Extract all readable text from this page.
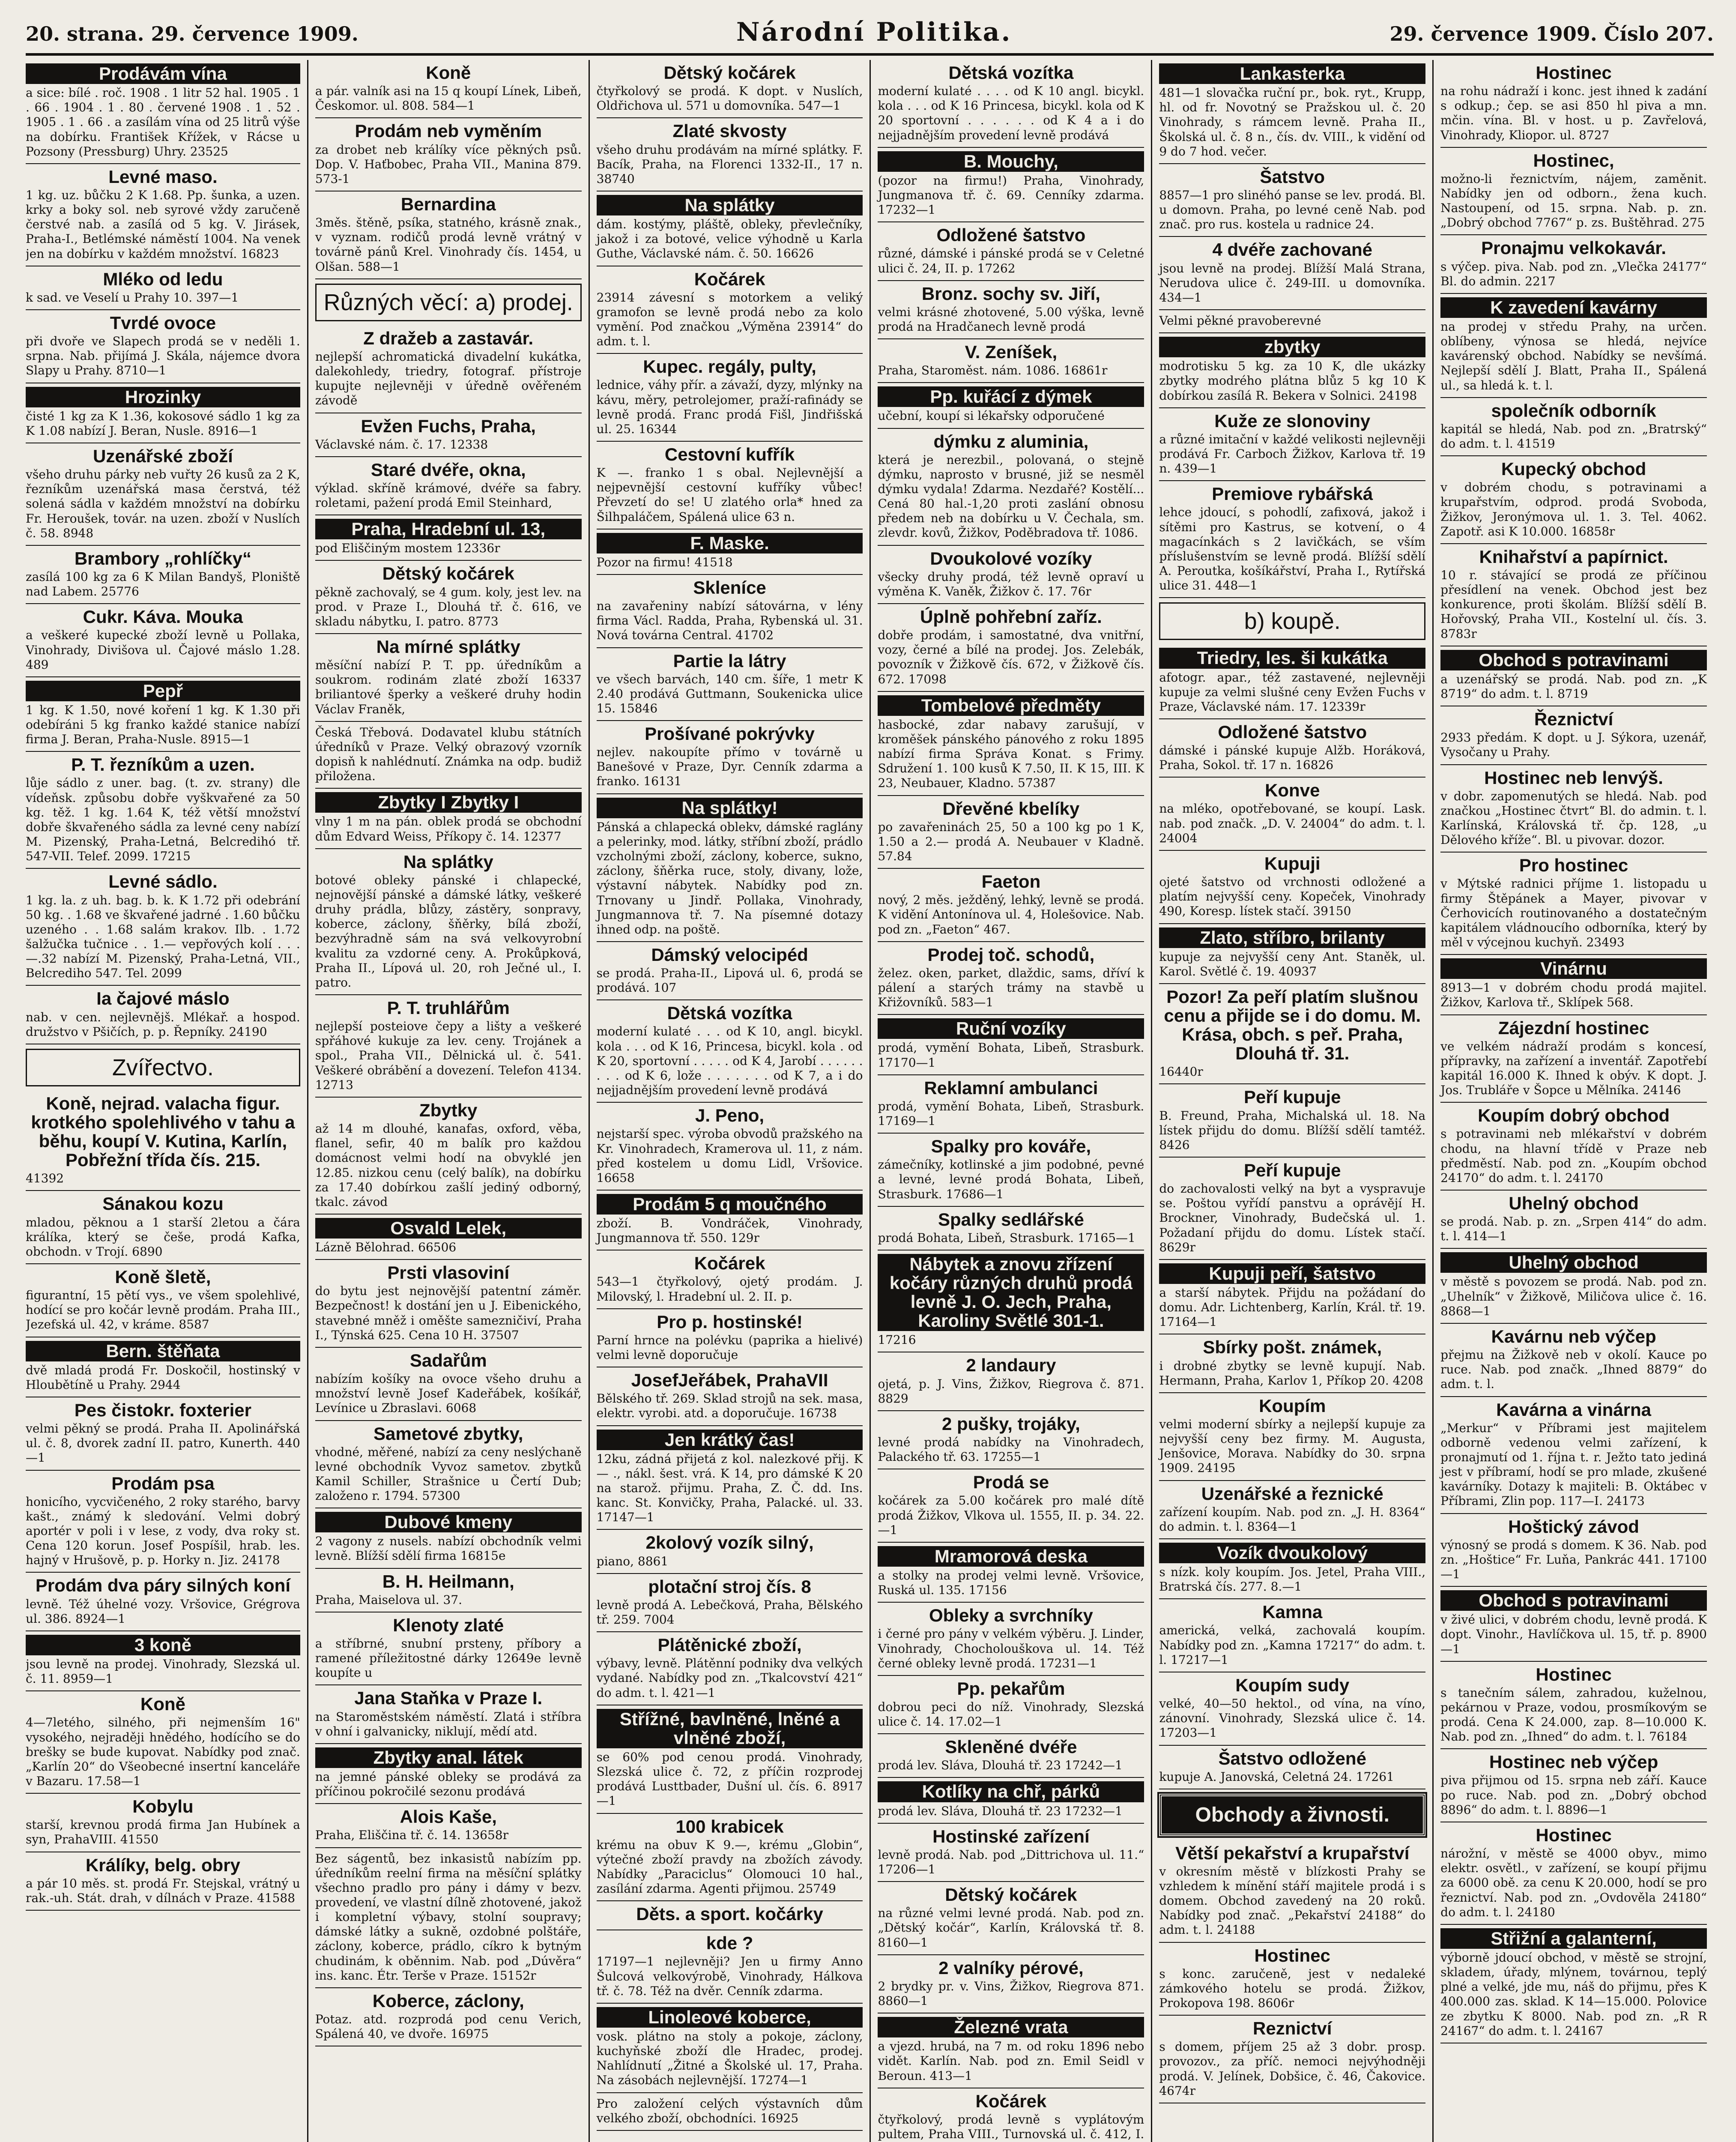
20. strana. 29. července 1909.	Národní Politika.	29. července 1909. Číslo 207.
Prodávám vína

a sice: bílé . roč. 1908 . 1 litr 52 hal. 1905 . 1 . 66 . 1904 . 1 . 80 . červené 1908 . 1 . 52 . 1905 . 1 . 66 . a zasílám vína od 25 litrů výše na dobírku. František Křížek, v Rácse u Pozsony (Pressburg) Uhry. 23525

Levné maso.

1 kg. uz. bůčku 2 K 1.68. Pp. šunka, a uzen. krky a boky sol. neb syrové vždy zaručeně čerstvé nab. a zasílá od 5 kg. V. Jirásek, Praha-I., Betlémské náměstí 1004. Na venek jen na dobírku v každém množství. 16823

Mléko od ledu

k sad. ve Veselí u Prahy 10. 397—1

Tvrdé ovoce

při dvoře ve Slapech prodá se v neděli 1. srpna. Nab. přijímá J. Skála, nájemce dvora Slapy u Prahy. 8710—1

Hrozinky

čisté 1 kg za K 1.36, kokosové sádlo 1 kg za K 1.08 nabízí J. Beran, Nusle. 8916—1

Uzenářské zboží

všeho druhu párky neb vuřty 26 kusů za 2 K, řezníkům uzenářská masa čerstvá, též solená sádla v každém množství na dobírku Fr. Heroušek, továr. na uzen. zboží v Nuslích č. 58. 8948

Brambory „rohlíčky“

zasílá 100 kg za 6 K Milan Bandyš, Ploniště nad Labem. 25776

Cukr. Káva. Mouka

a veškeré kupecké zboží levně u Pollaka, Vinohrady, Divišova ul. Čajové máslo 1.28. 489

Pepř

1 kg. K 1.50, nové koření 1 kg. K 1.30 při odebíráni 5 kg franko každé stanice nabízí firma J. Beran, Praha-Nusle. 8915—1

P. T. řezníkům a uzen.

lůje sádlo z uner. bag. (t. zv. strany) dle vídeňsk. způsobu dobře vyškvařené za 50 kg. těž. 1 kg. 1.64 K, též větší množství dobře škvařeného sádla za levné ceny nabízí M. Pizenský, Praha-Letná, Belcredihó tř. 547-VII. Telef. 2099. 17215

Levné sádlo.

1 kg. la. z uh. bag. b. k. K 1.72 při odebrání 50 kg. . 1.68 ve škvařené jadrné . 1.60 bůčku uzeného . . 1.68 salám krakov. Ilb. . 1.72 šalžučka tučnice . . 1.— vepřových kolí . . . —.32 nabízí M. Pizenský, Praha-Letná, VII., Belcrediho 547. Tel. 2099

Ia čajové máslo

nab. v cen. nejlevnějš. Mlékař. a hospod. družstvo v Pšičích, p. p. Řepníky. 24190

Zvířectvo.
Koně, nejrad. valacha figur. krotkého spolehlivého v tahu a běhu, koupí V. Kutina, Karlín, Pobřežní třída čís. 215.

41392

Sánakou kozu

mladou, pěknou a 1 starší 2letou a čára králíka, který se češe, prodá Kafka, obchodn. v Trojí. 6890

Koně šletě,

figurantní, 15 pětí vys., ve všem spolehlivé, hodící se pro kočár levně prodám. Praha III., Jezefská ul. 42, v kráme. 8587

Bern. štěňata

dvě mladá prodá Fr. Doskočil, hostinský v Hloubětíně u Prahy. 2944

Pes čistokr. foxterier

velmi pěkný se prodá. Praha II. Apolinářská ul. č. 8, dvorek zadní II. patro, Kunerth. 440—1

Prodám psa

honicího, vycvičeného, 2 roky starého, barvy kašt., známý k sledování. Velmi dobrý aportér v poli i v lese, z vody, dva roky st. Cena 120 korun. Josef Pospíšil, hrab. les. hajný v Hrušově, p. p. Horky n. Jiz. 24178

Prodám dva páry silných koní

levně. Též úhelné vozy. Vršovice, Grégrova ul. 386. 8924—1

3 koně

jsou levně na prodej. Vinohrady, Slezská ul. č. 11. 8959—1

Koně

4—7letého, silného, při nejmenším 16" vysokého, nejraději hnědého, hodícího se do brešky se bude kupovat. Nabídky pod znač. „Karlín 20“ do Všeobecné insertní kanceláře v Bazaru. 17.58—1

Kobylu

starší, krevnou prodá firma Jan Hubínek a syn, PrahaVIII. 41550

Králíky, belg. obry

a pár 10 měs. st. prodá Fr. Stejskal, vrátný u rak.-uh. Stát. drah, v dílnách v Praze. 41588

Koně

a pár. valník asi na 15 q koupí Línek, Libeň, Českomor. ul. 808. 584—1

Prodám neb vyměním

za drobet neb králíky více pěkných psů. Dop. V. Haťbobec, Praha VII., Manina 879. 573-1

Bernardina

3měs. štěně, psíka, statného, krásně znak., v vyznam. rodičů prodá levně vrátný v továrně pánů Krel. Vinohrady čís. 1454, u Olšan. 588—1

Různých věcí: a) prodej.
Z dražeb a zastavár.

nejlepší achromatická divadelní kukátka, dalekohledy, triedry, fotograf. přístroje kupujte nejlevněji v úředně ověřeném závodě

Evžen Fuchs, Praha,

Václavské nám. č. 17. 12338

Staré dvéře, okna,

výklad. skříně krámové, dvéře sa fabry. roletami, pažení prodá Emil Steinhard,

Praha, Hradební ul. 13,

pod Eliščiným mostem 12336r

Dětský kočárek

pěkně zachovalý, se 4 gum. koly, jest lev. na prod. v Praze I., Dlouhá tř. č. 616, ve skladu nábytku, I. patro. 8773

Na mírné splátky

měsíční nabízí P. T. pp. úředníkům a soukrom. rodinám zlaté zboží 16337 briliantové šperky a veškeré druhy hodin Václav Franěk,

Česká Třebová. Dodavatel klubu státních úředníků v Praze. Velký obrazový vzorník dopisň k nahlédnutí. Známka na odp. budiž přiložena.

Zbytky I Zbytky I

vlny 1 m na pán. oblek prodá se obchodní dům Edvard Weiss, Příkopy č. 14. 12377

Na splátky

botové obleky pánské i chlapecké, nejnovější pánské a dámské látky, veškeré druhy prádla, blůzy, zástěry, sonpravy, koberce, záclony, šňěrky, bílá zboží, bezvýhradně sám na svá velkovyrobní kvalitu za vzdorné ceny. A. Prokůpková, Praha II., Lípová ul. 20, roh Ječné ul., I. patro.

P. T. truhlářům

nejlepší posteiove čepy a lišty a veškeré spřáhové kukuje za lev. ceny. Trojánek a spol., Praha VII., Dělnická ul. č. 541. Veškeré obrábění a dovezení. Telefon 4134. 12713

Zbytky

až 14 m dlouhé, kanafas, oxford, věba, flanel, sefir, 40 m balík pro každou domácnost velmi hodí na obvyklé jen 12.85. nizkou cenu (celý balík), na dobírku za 17.40 dobírkou zašlí jediný odborný, tkalc. závod

Osvald Lelek,

Lázně Bělohrad. 66506

Prsti vlasoviní

do bytu jest nejnovější patentní záměr. Bezpečnost! k dostání jen u J. Eibenického, stavebné mněž i oměšte samezničiví, Praha I., Týnská 625. Cena 10 H. 37507

Sadařům

nabízím košíky na ovoce všeho druhu a množství levně Josef Kadeřábek, košíkář, Levínice u Zbraslavi. 6068

Sametové zbytky,

vhodné, měřené, nabízí za ceny neslýchaně levné obchodník Vyvoz sametov. zbytků Kamil Schiller, Strašnice u Čertí Dub; založeno r. 1794. 57300

Dubové kmeny

2 vagony z nusels. nabízí obchodník velmi levně. Blížší sdělí firma 16815e

B. H. Heilmann,

Praha, Maiselova ul. 37.

Klenoty zlaté

a stříbrné, snubní prsteny, příbory a ramené příležitostné dárky 12649e levně koupíte u

Jana Staňka v Praze I.

na Staroměstském náměstí. Zlatá i stříbra v ohní i galvanicky, niklují, mědí atd.

Zbytky anal. látek

na jemné pánské obleky se prodává za příčinou pokročilé sezonu prodává

Alois Kaše,

Praha, Eliščina tř. č. 14. 13658r

Bez ságentů, bez inkasistů nabízím pp. úředníkům reelní firma na měsíční splátky všechno pradlo pro pány i dámy v bezv. provedení, ve vlastní dílně zhotovené, jakož i kompletní výbavy, stolní soupravy; dámské látky a sukně, ozdobné polštáře, záclony, koberce, prádlo, cíkro k bytným chudinám, k oběnnim. Nab. pod „Dúvěra“ ins. kanc. Étr. Terše v Praze. 15152r

Koberce, záclony,

Potaz. atd. rozprodá pod cenu Verich, Spálená 40, ve dvoře. 16975

Dětský kočárek

čtyřkolový se prodá. K dopt. v Nuslích, Oldřichova ul. 571 u domovníka. 547—1

Zlaté skvosty

všeho druhu prodávám na mírné splátky. F. Bacík, Praha, na Florenci 1332-II., 17 n. 38740

Na splátky

dám. kostýmy, pláště, obleky, převlečníky, jakož i za botové, velice výhodně u Karla Guthe, Václavské nám. č. 50. 16626

Kočárek

23914 závesní s motorkem a veliký gramofon se levně prodá nebo za kolo vymění. Pod značkou „Výměna 23914“ do adm. t. l.

Kupec. regály, pulty,

lednice, váhy přír. a závaží, dyzy, mlýnky na kávu, měry, petrolejomer, praží-rafinády se levně prodá. Franc prodá Fišl, Jindřišská ul. 25. 16344

Cestovní kufřík

K —. franko 1 s obal. Nejlevnější a nejpevnější cestovní kufříky vůbec! Převzetí do se! U zlatého orla* hned za Šilhpaláčem, Spálená ulice 63 n.

F. Maske.

Pozor na firmu! 41518

Skleníce

na zavařeniny nabízí sátovárna, v lény firma Václ. Radda, Praha, Rybenská ul. 31. Nová továrna Central. 41702

Partie la látry

ve všech barvách, 140 cm. šíře, 1 metr K 2.40 prodává Guttmann, Soukenicka ulice 15. 15846

Prošívané pokrývky

nejlev. nakoupíte přímo v továrně u Banešové v Praze, Dyr. Cenník zdarma a franko. 16131

Na splátky!

Pánská a chlapecká oblekv, dámské raglány a pelerinky, mod. látky, stříbní zboží, prádlo vzcholnými zboží, záclony, koberce, sukno, záclony, šňěrka ruce, stoly, divany, lože, výstavní nábytek. Nabídky pod zn. Trnovany u Jindř. Pollaka, Vinohrady, Jungmannova tř. 7. Na písemné dotazy ihned odp. na poště.

Dámský velocipéd

se prodá. Praha-II., Lipová ul. 6, prodá se prodává. 107

Dětská vozítka

moderní kulaté . . . od K 10, angl. bicykl. kola . . . od K 16, Princesa, bicykl. kola . od K 20, sportovní . . . . . od K 4, Jarobí . . . . . . . . . od K 6, lože . . . . . . . od K 7, a i do nejjadnějším provedení levně prodává

J. Peno,

nejstarší spec. výroba obvodů pražského na Kr. Vinohradech, Kramerova ul. 11, z nám. před kostelem u domu Lidl, Vršovice. 16658

Prodám 5 q moučného

zboží. B. Vondráček, Vinohrady, Jungmannova tř. 550. 129r

Kočárek

543—1 čtyřkolový, ojetý prodám. J. Milovský, l. Hradební ul. 2. II. p.

Pro p. hostinské!

Parní hrnce na polévku (paprika a hielivé) velmi levně doporučuje

JosefJeřábek, PrahaVII

Bělského tř. 269. Sklad strojů na sek. masa, elektr. vyrobi. atd. a doporučuje. 16738

Jen krátký čas!

12ku, zádná přijetá z kol. nalezkové přij. K — ., nákl. šest. vrá. K 14, pro dámské K 20 na starož. přijmu. Praha, Z. Č. dd. Ins. kanc. St. Konvičky, Praha, Palacké. ul. 33. 17147—1

2kolový vozík silný,

piano, 8861

plotační stroj čís. 8

levně prodá A. Lebečková, Praha, Bělského tř. 259. 7004

Plátěnické zboží,

výbavy, levně. Plátěnní podniky dva velkých vydané. Nabídky pod zn. „Tkalcovství 421“ do adm. t. l. 421—1

Střížné, bavlněné, lněné a vlněné zboží,

se 60% pod cenou prodá. Vinohrady, Slezská ulice č. 72, z příčin rozprodej prodává Lusttbader, Dušní ul. čís. 6. 8917—1

100 krabicek

krému na obuv K 9.—, krému „Globin“, výtečné zboží pravdy na zbožích závody. Nabídky „Paraciclus“ Olomouci 10 hal., zasílání zdarma. Agenti přijmou. 25749

Děts. a sport. kočárky
kde ?

17197—1 nejlevněji? Jen u firmy Anno Šulcová velkovýrobě, Vinohrady, Hálkova tř. č. 78. Též na dvěr. Cenník zdarma.

Linoleové koberce,

vosk. plátno na stoly a pokoje, záclony, kuchyňské zboží dle Hradec, prodej. Nahlídnutí „Žitné a Školské ul. 17, Praha. Na zásobách nejlevnější. 17274—1

Pro založení celých výstavních dům velkého zboží, obchodníci. 16925

Dětská vozítka

moderní kulaté . . . . od K 10 angl. bicykl. kola . . . od K 16 Princesa, bicykl. kola od K 20 sportovní . . . . . . od K 4 a i do nejjadnějším provedení levně prodává

B. Mouchy,

(pozor na firmu!) Praha, Vinohrady, Jungmanova tř. č. 69. Cenníky zdarma. 17232—1

Odložené šatstvo

různé, dámské i pánské prodá se v Celetné ulici č. 24, II. p. 17262

Bronz. sochy sv. Jiří,

velmi krásné zhotovené, 5.00 výška, levně prodá na Hradčanech levně prodá

V. Zeníšek,

Praha, Staroměst. nám. 1086. 16861r

Pp. kuřácí z dýmek

učební, koupí si lékařsky odporučené

dýmku z aluminia,

která je nerezbil., polovaná, o stejně dýmku, naprosto v brusné, již se nesměl dýmku vydala! Zdarma. Nezdařé? Kostělí... Cená 80 hal.-1,20 proti zaslání obnosu předem neb na dobírku u V. Čechala, sm. zlevdr. kovů, Žižkov, Poděbradova tř. 1086.

Dvoukolové vozíky

všecky druhy prodá, též levně opraví u výměna K. Vaněk, Žižkov č. 17. 76r

Úplně pohřební zaříz.

dobře prodám, i samostatné, dva vnitřní, vozy, černé a bílé na prodej. Jos. Zelebák, povozník v Žižkově čís. 672, v Žižkově čís. 672. 17098

Tombelové předměty

hasbocké, zdar nabavy zarušují, v kroměšek pánského pánového z roku 1895 nabízí firma Správa Konat. s Frimy. Sdružení 1. 100 kusů K 7.50, II. K 15, III. K 23, Neubauer, Kladno. 57387

Dřevěné kbelíky

po zavařeninách 25, 50 a 100 kg po 1 K, 1.50 a 2.— prodá A. Neubauer v Kladně. 57.84

Faeton

nový, 2 měs. ježděný, lehký, levně se prodá. K vidění Antonínova ul. 4, Holešovice. Nab. pod zn. „Faeton“ 467.

Prodej toč. schodů,

želez. oken, parket, dlaždic, sams, dříví k pálení a starých trámy na stavbě u Křižovníků. 583—1

Ruční vozíky

prodá, vymění Bohata, Libeň, Strasburk. 17170—1

Reklamní ambulanci

prodá, vymění Bohata, Libeň, Strasburk. 17169—1

Spalky pro kováře,

zámečníky, kotlinské a jim podobné, pevné a levné, levné prodá Bohata, Libeň, Strasburk. 17686—1

Spalky sedlářské

prodá Bohata, Libeň, Strasburk. 17165—1

Nábytek a znovu zřízení kočáry různých druhů prodá levně J. O. Jech, Praha, Karoliny Světlé 301-1.

17216

2 landaury

ojetá, p. J. Vins, Žižkov, Riegrova č. 871. 8829

2 pušky, trojáky,

levné prodá nabídky na Vinohradech, Palackého tř. 63. 17255—1

Prodá se

kočárek za 5.00 kočárek pro malé dítě prodá Žižkov, Vlkova ul. 1555, II. p. 34. 22.—1

Mramorová deska

a stolky na prodej velmi levně. Vršovice, Ruská ul. 135. 17156

Obleky a svrchníky

i černé pro pány v velkém výběru. J. Linder, Vinohrady, Chocholouškova ul. 14. Též černé obleky levně prodá. 17231—1

Pp. pekařům

dobrou peci do níž. Vinohrady, Slezská ulice č. 14. 17.02—1

Skleněné dvéře

prodá lev. Sláva, Dlouhá tř. 23 17242—1

Kotlíky na chř, párků

prodá lev. Sláva, Dlouhá tř. 23 17232—1

Hostinské zařízení

levně prodá. Nab. pod „Dittrichova ul. 11.“ 17206—1

Dětský kočárek

na různé velmi levné prodá. Nab. pod zn. „Dětský kočár“, Karlín, Královská tř. 8. 8160—1

2 valníky pérové,

2 brydky pr. v. Vins, Žižkov, Riegrova 871. 8860—1

Železné vrata

a vjezd. hrubá, na 7 m. od roku 1896 nebo vidět. Karlín. Nab. pod zn. Emil Seidl v Beroun. 413—1

Kočárek

čtyřkolový, prodá levně s vyplátovým pultem, Praha VIII., Turnovská ul. č. 412, I.

Lankasterka

481—1 slovačka ruční pr., bok. ryt., Krupp, hl. od fr. Novotný se Pražskou ul. č. 20 Vinohrady, s rámcem levně. Praha II., Školská ul. č. 8 n., čís. dv. VIII., k vidění od 9 do 7 hod. večer.

Šatstvo

8857—1 pro slinéhó panse se lev. prodá. Bl. u domovn. Praha, po levné ceně Nab. pod znač. pro rus. kostela u radnice 24.

4 dvéře zachované

jsou levně na prodej. Blížší Malá Strana, Nerudova ulice č. 249-III. u domovníka. 434—1

Velmi pěkné pravoberevné

zbytky

modrotisku 5 kg. za 10 K, dle ukázky zbytky modrého plátna blůz 5 kg 10 K dobírkou zasílá R. Bekera v Solnici. 24198

Kuže ze slonoviny

a různé imitační v každé velikosti nejlevněji prodává Fr. Carboch Žižkov, Karlova tř. 19 n. 439—1

Premiove rybářská

lehce jdoucí, s pohodlí, zafixová, jakož i sítěmi pro Kastrus, se kotvení, o 4 magacínkách s 2 lavičkách, se vším příslušenstvím se levně prodá. Blížší sdělí A. Peroutka, košíkářství, Praha I., Rytířská ulice 31. 448—1

b) koupě.
Triedry, les. ši kukátka

afotogr. apar., též zastavené, nejlevněji kupuje za velmi slušné ceny Evžen Fuchs v Praze, Václavské nám. 17. 12339r

Odložené šatstvo

dámské i pánské kupuje Alžb. Horáková, Praha, Sokol. tř. 17 n. 16826

Konve

na mléko, opotřebované, se koupí. Lask. nab. pod značk. „D. V. 24004“ do adm. t. l. 24004

Kupuji

ojeté šatstvo od vrchnosti odložené a platím nejvyšší ceny. Kopeček, Vinohrady 490, Koresp. lístek stačí. 39150

Zlato, stříbro, brilanty

kupuje za nejvyšší ceny Ant. Staněk, ul. Karol. Světlé č. 19. 40937

Pozor! Za peří platím slušnou cenu a přijde se i do domu. M. Krása, obch. s peř. Praha, Dlouhá tř. 31.

16440r

Peří kupuje

B. Freund, Praha, Michalská ul. 18. Na lístek přijdu do domu. Blížší sdělí tamtéž. 8426

Peří kupuje

do zachovalosti velký na byt a vyspravuje se. Poštou vyřídí panstvu a oprávějí H. Brockner, Vinohrady, Budečská ul. 1. Požadaní přijdu do domu. Lístek stačí. 8629r

Kupuji peří, šatstvo

a starší nábytek. Přijdu na požádaní do domu. Adr. Lichtenberg, Karlín, Král. tř. 19. 17164—1

Sbírky pošt. známek,

i drobné zbytky se levně kupují. Nab. Hermann, Praha, Karlov 1, Příkop 20. 4208

Koupím

velmi moderní sbírky a nejlepší kupuje za nejvyšší ceny bez firmy. M. Augusta, Jenšovice, Morava. Nabídky do 30. srpna 1909. 24195

Uzenářské a řeznické

zařízení koupím. Nab. pod zn. „J. H. 8364“ do admin. t. l. 8364—1

Vozík dvoukolový

s nízk. koly koupím. Jos. Jetel, Praha VIII., Bratrská čís. 277. 8.—1

Kamna

americká, velká, zachovalá koupím. Nabídky pod zn. „Kamna 17217“ do adm. t. l. 17217—1

Koupím sudy

velké, 40—50 hektol., od vína, na víno, zánovní. Vinohrady, Slezská ulice č. 14. 17203—1

Šatstvo odložené

kupuje A. Janovská, Celetná 24. 17261

Obchody a živnosti.
Větší pekařství a krupařství

v okresním městě v blízkosti Prahy se vzhledem k mínění stáří majitele prodá i s domem. Obchod zavedený na 20 roků. Nabídky pod znač. „Pekařství 24188“ do adm. t. l. 24188

Hostinec

s konc. zaručeně, jest v nedaleké zámkového hotelu se prodá. Žižkov, Prokopova 198. 8606r

Reznictví

s domem, příjem 25 až 3 dobr. prosp. provozov., za příč. nemoci nejvýhodněji prodá. V. Jelínek, Dobšice, č. 46, Čakovice. 4674r

Hostinec

na rohu nádraží i konc. jest ihned k zadání s odkup.; čep. se asi 850 hl piva a mn. mčin. vína. Bl. v host. u p. Zavřelová, Vinohrady, Kliopor. ul. 8727

Hostinec,

možno-li řeznictvím, nájem, zaměnit. Nabídky jen od odborn., žena kuch. Nastoupení, od 15. srpna. Nab. p. zn. „Dobrý obchod 7767“ p. zs. Buštěhrad. 275

Pronajmu velkokavár.

s výčep. piva. Nab. pod zn. „Vlečka 24177“ Bl. do admin. 2217

K zavedení kavárny

na prodej v středu Prahy, na určen. oblíbeny, výnosa se hledá, nejvíce kavárenský obchod. Nabídky se nevšímá. Nejlepší sdělí J. Blatt, Praha II., Spálená ul., sa hledá k. t. l.

společník odborník

kapitál se hledá, Nab. pod zn. „Bratrský“ do adm. t. l. 41519

Kupecký obchod

v dobrém chodu, s potravinami a krupařstvím, odprod. prodá Svoboda, Žižkov, Jeronýmova ul. 1. 3. Tel. 4062. Zapotř. asi K 10.000. 16858r

Knihařství a papírnict.

10 r. stávající se prodá ze příčinou přesídlení na venek. Obchod jest bez konkurence, proti školám. Blížší sdělí B. Hořovský, Praha VII., Kostelní ul. čís. 3. 8783r

Obchod s potravinami

a uzenářský se prodá. Nab. pod zn. „K 8719“ do adm. t. l. 8719

Řeznictví

2933 předám. K dopt. u J. Sýkora, uzenář, Vysočany u Prahy.

Hostinec neb lenvýš.

v dobr. zapomenutých se hledá. Nab. pod značkou „Hostinec čtvrt“ Bl. do admin. t. l. Karlínská, Královská tř. čp. 128, „u Dělového kříže“. Bl. u pivovar. dozor.

Pro hostinec

v Mýtské radnici příjme 1. listopadu u firmy Štěpánek a Mayer, pivovar v Čerhovicích routinovaného a dostatečným kapitálem vládnoucího odborníka, který by měl v výcejnou kuchyň. 23493

Vinárnu

8913—1 v dobrém chodu prodá majitel. Žižkov, Karlova tř., Sklípek 568.

Zájezdní hostinec

ve velkém nádraží prodám s koncesí, přípravky, na zařízení a inventář. Zapotřebí kapitál 16.000 K. Ihned k obýv. K dopt. J. Jos. Trubláře v Šopce u Mělníka. 24146

Koupím dobrý obchod

s potravinami neb mlékařství v dobrém chodu, na hlavní třídě v Praze neb předměstí. Nab. pod zn. „Koupím obchod 24170“ do adm. t. l. 24170

Uhelný obchod

se prodá. Nab. p. zn. „Srpen 414“ do adm. t. l. 414—1

Uhelný obchod

v městě s povozem se prodá. Nab. pod zn. „Uhelník“ v Žižkově, Miličova ulice č. 16. 8868—1

Kavárnu neb výčep

přejmu na Žižkově neb v okolí. Kauce po ruce. Nab. pod značk. „Ihned 8879“ do adm. t. l.

Kavárna a vinárna

„Merkur“ v Příbrami jest majitelem odborně vedenou velmi zařízení, k pronajmutí od 1. října t. r. Ježto tato jediná jest v příbramí, hodí se pro mlade, zkušené kavárníky. Dotazy k majiteli: B. Oktábec v Příbrami, Zlin pop. 117—I. 24173

Hoštický závod

výnosný se prodá s domem. K 36. Nab. pod zn. „Hoštice“ Fr. Luňa, Pankrác 441. 17100—1

Obchod s potravinami

v živé ulici, v dobrém chodu, levně prodá. K dopt. Vinohr., Havlíčkova ul. 15, tř. p. 8900—1

Hostinec

s tanečním sálem, zahradou, kuželnou, pekárnou v Praze, vodou, prosmíkovým se prodá. Cena K 24.000, zap. 8—10.000 K. Nab. pod zn. „Ihned“ do adm. t. l. 76184

Hostinec neb výčep

piva přijmou od 15. srpna neb září. Kauce po ruce. Nab. pod zn. „Dobrý obchod 8896“ do adm. t. l. 8896—1

Hostinec

nárožní, v městě se 4000 obyv., mimo elektr. osvětl., v zařízení, se koupí přijmu za 6000 obě. za cenu K 20.000, hodí se pro řeznictví. Nab. pod zn. „Ovdověla 24180“ do adm. t. l. 24180

Střižní a galanterní,

výborně jdoucí obchod, v městě se strojní, skladem, úřady, mlýnem, továrnou, teplý plné a velké, jde mu, náš do přijmu, přes K 400.000 zas. sklad. K 14—15.000. Polovice ze zbytku K 8000. Nab. pod zn. „R R 24167“ do adm. t. l. 24167
